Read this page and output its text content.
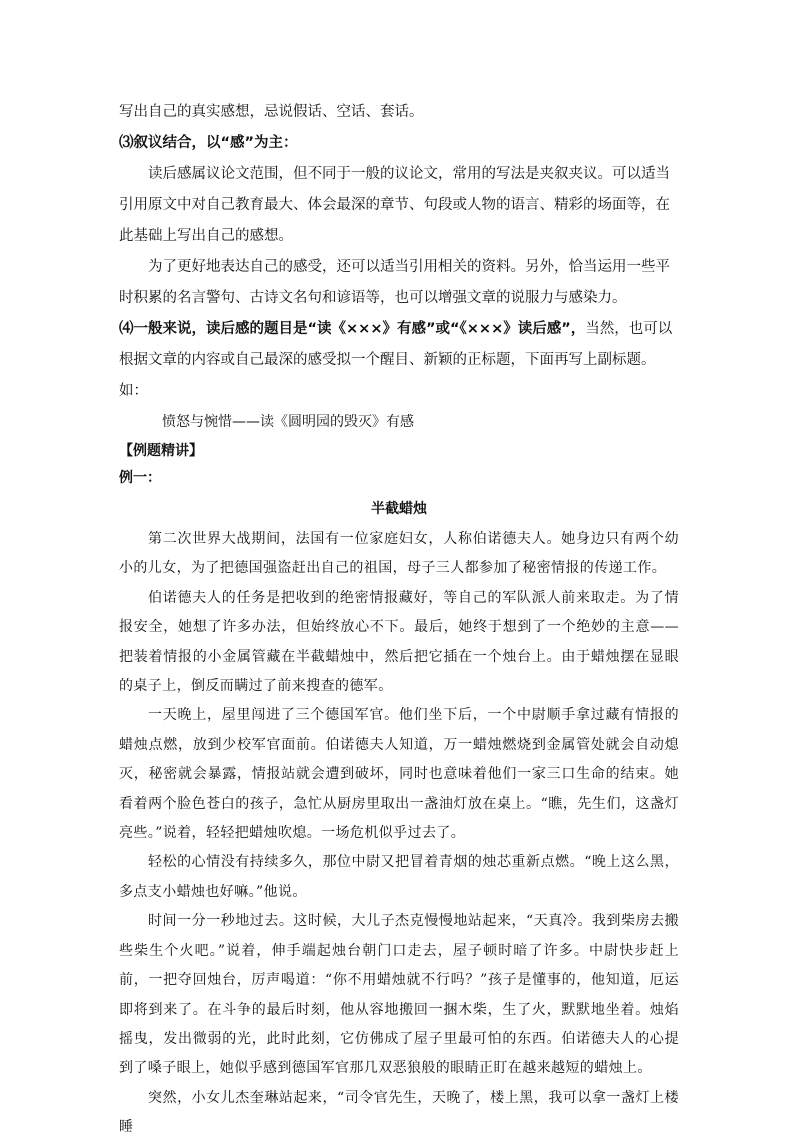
写出自己的真实感想，忌说假话、空话、套话。

⑶叙议结合，以“感”为主：

读后感属议论文范围，但不同于一般的议论文，常用的写法是夹叙夹议。可以适当引用原文中对自己教育最大、体会最深的章节、句段或人物的语言、精彩的场面等，在此基础上写出自己的感想。

为了更好地表达自己的感受，还可以适当引用相关的资料。另外，恰当运用一些平时积累的名言警句、古诗文名句和谚语等，也可以增强文章的说服力与感染力。

⑷一般来说，读后感的题目是“读《×××》有感”或“《×××》读后感”，当然，也可以根据文章的内容或自己最深的感受拟一个醒目、新颖的正标题，下面再写上副标题。如：

愤怒与惋惜——读《圆明园的毁灭》有感

【例题精讲】

例一：

半截蜡烛

第二次世界大战期间，法国有一位家庭妇女，人称伯诺德夫人。她身边只有两个幼小的儿女，为了把德国强盗赶出自己的祖国，母子三人都参加了秘密情报的传递工作。

伯诺德夫人的任务是把收到的绝密情报藏好，等自己的军队派人前来取走。为了情报安全，她想了许多办法，但始终放心不下。最后，她终于想到了一个绝妙的主意——把装着情报的小金属管藏在半截蜡烛中，然后把它插在一个烛台上。由于蜡烛摆在显眼的桌子上，倒反而瞒过了前来搜查的德军。

一天晚上，屋里闯进了三个德国军官。他们坐下后，一个中尉顺手拿过藏有情报的蜡烛点燃，放到少校军官面前。伯诺德夫人知道，万一蜡烛燃烧到金属管处就会自动熄灭，秘密就会暴露，情报站就会遭到破坏，同时也意味着他们一家三口生命的结束。她看着两个脸色苍白的孩子，急忙从厨房里取出一盏油灯放在桌上。“瞧，先生们，这盏灯亮些。”说着，轻轻把蜡烛吹熄。一场危机似乎过去了。

轻松的心情没有持续多久，那位中尉又把冒着青烟的烛芯重新点燃。“晚上这么黑，多点支小蜡烛也好嘛。”他说。

时间一分一秒地过去。这时候，大儿子杰克慢慢地站起来，“天真冷。我到柴房去搬些柴生个火吧。”说着，伸手端起烛台朝门口走去，屋子顿时暗了许多。中尉快步赶上前，一把夺回烛台，厉声喝道：“你不用蜡烛就不行吗？”孩子是懂事的，他知道，厄运即将到来了。在斗争的最后时刻，他从容地搬回一捆木柴，生了火，默默地坐着。烛焰摇曳，发出微弱的光，此时此刻，它仿佛成了屋子里最可怕的东西。伯诺德夫人的心提到了嗓子眼上，她似乎感到德国军官那几双恶狼般的眼睛正盯在越来越短的蜡烛上。

突然，小女儿杰奎琳站起来，“司令官先生，天晚了，楼上黑，我可以拿一盏灯上楼睡
